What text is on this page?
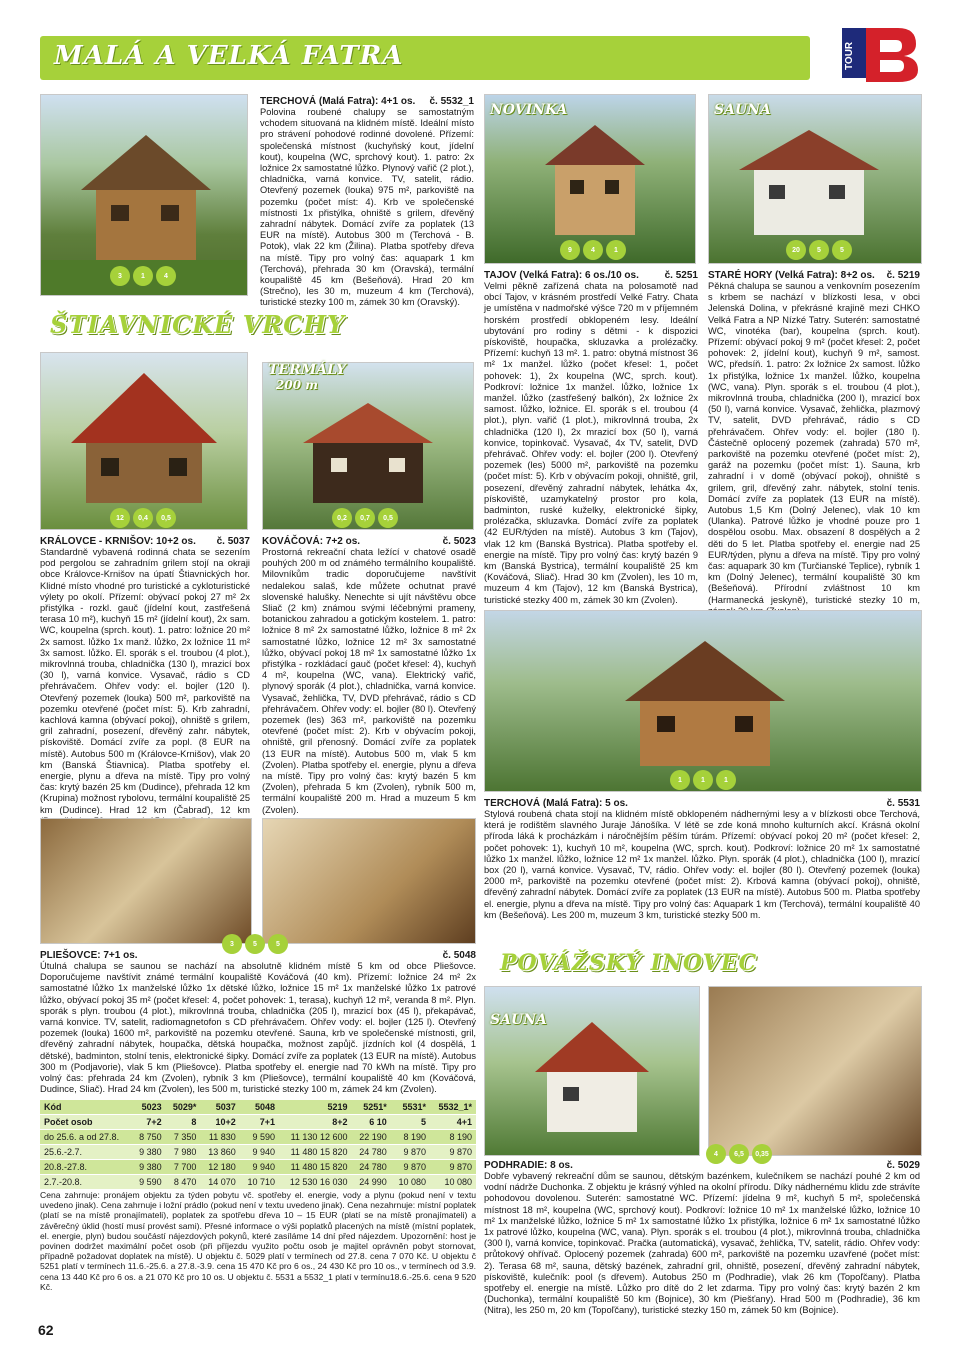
MALÁ A VELKÁ FATRA	TOUR
3	1	4
ŠTIAVNICKÉ VRCHY
TERCHOVÁ (Malá Fatra): 4+1 os. č. 5532_1
Polovina roubené chalupy se samostatným vchodem situovaná na klidném místě. Ideální místo pro strávení pohodové rodinné dovolené. Přízemí: společenská místnost (kuchyňský kout, jídelní kout), koupelna (WC, sprchový kout). 1. patro: 2x ložnice 2x samostatné lůžko. Plynový vařič (2 plot.), chladnička, varná konvice. TV, satelit, rádio. Otevřený pozemek (louka) 975 m², parkoviště na pozemku (počet míst: 4). Krb ve společenské místnosti 1x přistýlka, ohniště s grilem, dřevěný zahradní nábytek. Domácí zvíře za poplatek (13 EUR na místě). Autobus 300 m (Terchová - B. Potok), vlak 22 km (Žilina). Platba spotřeby dřeva na místě. Tipy pro volný čas: aquapark 1 km (Terchová), přehrada 30 km (Oravská), termální koupaliště 45 km (Bešeňová). Hrad 20 km (Strečno), les 30 m, muzeum 4 km (Terchová), turistické stezky 100 m, zámek 30 km (Oravský).
NOVINKA
9	4	1
SAUNA
20	5	5
TAJOV (Velká Fatra): 6 os./10 os.	č. 5251
Velmi pěkně zařízená chata na polosamotě nad obcí Tajov, v krásném prostředí Velké Fatry. Chata je umístěna v nadmořské výšce 720 m v příjemném horském prostředí obklopeném lesy. Ideální ubytování pro rodiny s dětmi - k dispozici pískoviště, houpačka, skluzavka a prolézačky. Přízemí: kuchyň 13 m². 1. patro: obytná místnost 36 m² 1x manžel. lůžko (počet křesel: 1, počet pohovek: 1), 2x koupelna (WC, sprch. kout). Podkroví: ložnice 1x manžel. lůžko, ložnice 1x manžel. lůžko (zastřešený balkón), 2x ložnice 2x samost. lůžko, ložnice. El. sporák s el. troubou (4 plot.), plyn. vařič (1 plot.), mikrovlnná trouba, 2x chladnička (120 l), 2x mrazicí box (50 l), varná konvice, topinkovač. Vysavač, 4x TV, satelit, DVD přehrávač. Ohřev vody: el. bojler (200 l). Otevřený pozemek (les) 5000 m², parkoviště na pozemku (počet míst: 5). Krb v obývacím pokoji, ohniště, gril, posezení, dřevěný zahradní nábytek, lehátka 4x, pískoviště, uzamykatelný prostor pro kola, badminton, ruské kuželky, elektronické šipky, prolézačka, skluzavka. Domácí zvíře za poplatek (42 EUR/týden na místě). Autobus 3 km (Tajov), vlak 12 km (Banská Bystrica). Platba spotřeby el. energie na místě. Tipy pro volný čas: krytý bazén 9 km (Banská Bystrica), termální koupaliště 25 km (Kováčová, Sliač). Hrad 30 km (Zvolen), les 10 m, muzeum 4 km (Tajov), 12 km (Banská Bystrica), turistické stezky 400 m, zámek 30 km (Zvolen).
STARÉ HORY (Velká Fatra): 8+2 os. č. 5219
Pěkná chalupa se saunou a venkovním posezením s krbem se nachází v blízkosti lesa, v obci Jelenská Dolina, v překrásné krajině mezi CHKO Velká Fatra a NP Nízké Tatry. Suterén: samostatné WC, vinotéka (bar), koupelna (sprch. kout). Přízemí: obývací pokoj 9 m² (počet křesel: 2, počet pohovek: 2, jídelní kout), kuchyň 9 m², samost. WC, předsíň. 1. patro: 2x ložnice 2x samost. lůžko 1x přistýlka, ložnice 1x manžel. lůžko, koupelna (WC, vana). Plyn. sporák s el. troubou (4 plot.), mikrovlnná trouba, chladnička (200 l), mrazicí box (50 l), varná konvice. Vysavač, žehlička, plazmový TV, satelit, DVD přehrávač, rádio s CD přehrávačem. Ohřev vody: el. bojler (180 l). Částečně oplocený pozemek (zahrada) 570 m², parkoviště na pozemku otevřené (počet míst: 2), garáž na pozemku (počet míst: 1). Sauna, krb zahradní i v domě (obývací pokoj), ohniště s grilem, gril, dřevěný zahr. nábytek, stolní tenis. Domácí zvíře za poplatek (13 EUR na místě). Autobus 1,5 Km (Dolný Jelenec), vlak 10 km (Ulanka). Patrové lůžko je vhodné pouze pro 1 dospělou osobu. Max. obsazení 8 dospělých a 2 děti do 5 let. Platba spotřeby el. energie nad 25 EUR/týden, plynu a dřeva na místě. Tipy pro volný čas: aquapark 30 km (Turčianské Teplice), rybník 1 km (Dolný Jelenec), termální koupaliště 30 km (Bešeňová). Přírodní zvláštnost 10 km (Harmanecká jeskyně), turistické stezky 10 m,
12	0,4	0,5
TERMÁLY
200 m
0,2	0,7	0,5
KRÁLOVCE - KRNIŠOV: 10+2 os. č. 5037
Standardně vybavená rodinná chata se sezením pod pergolou se zahradním grilem stojí na okraji obce Královce-Krnišov na úpatí Štiavnických hor. Klidné místo vhodné pro turistické a cykloturistické výlety po okolí. Přízemí: obývací pokoj 27 m² 2x přistýlka - rozkl. gauč (jídelní kout, zastřešená terasa 10 m²), kuchyň 15 m² (jídelní kout), 2x sam. WC, koupelna (sprch. kout). 1. patro: ložnice 20 m² 2x samost. lůžko 1x manž. lůžko, 2x ložnice 11 m² 3x samost. lůžko. El. sporák s el. troubou (4 plot.), mikrovlnná trouba, chladnička (130 l), mrazicí box (30 l), varná konvice. Vysavač, rádio s CD přehrávačem. Ohřev vody: el. bojler (120 l). Otevřený pozemek (louka) 500 m², parkoviště na pozemku otevřené (počet míst: 5). Krb zahradní, kachlová kamna (obývací pokoj), ohniště s grilem, gril zahradní, posezení, dřevěný zahr. nábytek, pískoviště. Domácí zvíře za popl. (8 EUR na místě). Autobus 500 m (Královce-Krnišov), vlak 20 km (Banská Štiavnica). Platba spotřeby el. energie, plynu a dřeva na místě. Tipy pro volný čas: krytý bazén 25 km (Dudince), přehrada 12 km (Krupina) možnost rybolovu, termální koupaliště 25 km (Dudince). Hrad 12 km (Čabraď), 12 km
KOVÁČOVÁ: 7+2 os.	č. 5023
Prostorná rekreační chata ležící v chatové osadě pouhých 200 m od známého termálního koupaliště. Milovníkům tradic doporučujeme navštívit nedalekou salaš, kde můžete ochutnat pravé slovenské halušky. Nenechte si ujít návštěvu obce Sliač (2 km) známou svými léčebnými prameny, botanickou zahradou a gotickým kostelem. 1. patro: ložnice 8 m² 2x samostatné lůžko, ložnice 8 m² 2x samostatné lůžko, ložnice 12 m² 3x samostatné lůžko, obývací pokoj 18 m² 1x samostatné lůžko 1x přistýlka - rozkládací gauč (počet křesel: 4), kuchyň 4 m², koupelna (WC, vana). Elektrický vařič, plynový sporák (4 plot.), chladnička, varná konvice. Vysavač, žehlička, TV, DVD přehrávač, rádio s CD přehrávačem. Ohřev vody: el. bojler (80 l). Otevřený pozemek (les) 363 m², parkoviště na pozemku otevřené (počet míst: 2). Krb v obývacím pokoji, ohniště, gril přenosný. Domácí zvíře za poplatek (13 EUR na místě). Autobus 500 m, vlak 5 km (Zvolen). Platba spotřeby el. energie, plynu a dřeva na místě. Tipy pro volný čas: krytý bazén 5 km (Zvolen), přehrada 5 km (Zvolen), rybník 500 m, termální koupaliště 200 m. Hrad a muzeum 5 km (Zvolen).
1	1	1
TERCHOVÁ (Malá Fatra): 5 os.	č. 5531
Stylová roubená chata stojí na klidném místě obklopeném nádhernými lesy a v blízkosti obce Terchová, která je rodištěm slavného Juraje Jánošíka. V létě se zde koná mnoho kulturních akcí. Krásná okolní příroda láká k procházkám i náročnějším pěším túrám. Přízemí: obývací pokoj 20 m² (počet křesel: 2, počet pohovek: 1), kuchyň 10 m², koupelna (WC, sprch. kout). Podkroví: ložnice 20 m² 1x samostatné lůžko 1x manžel. lůžko, ložnice 12 m² 1x manžel. lůžko. Plyn. sporák (4 plot.), chladnička (100 l), mrazicí box (20 l), varná konvice. Vysavač, TV, rádio. Ohřev vody: el. bojler (80 l). Otevřený pozemek (louka) 2000 m², parkoviště na pozemku otevřené (počet míst: 2). Krbová kamna (obývací pokoj), ohniště, dřevěný zahradní nábytek. Domácí zvíře za poplatek (13 EUR na místě). Autobus 500 m. Platba spotřeby el. energie, plynu a dřeva na místě. Tipy pro volný čas: Aquapark 1 km (Terchová), termální koupaliště 40 km (Bešeňová). Les 200 m, muzeum 3 km, turistické stezky 500 m.
3	5	5
PLIEŠOVCE: 7+1 os.	č. 5048
Útulná chalupa se saunou se nachází na absolutně klidném místě 5 km od obce Pliešovce. Doporučujeme navštívit známé termální koupaliště Kováčová (40 km). Přízemí: ložnice 24 m² 2x samostatné lůžko 1x manželské lůžko 1x dětské lůžko, ložnice 15 m² 1x manželské lůžko 1x patrové lůžko, obývací pokoj 35 m² (počet křesel: 4, počet pohovek: 1, terasa), kuchyň 12 m², veranda 8 m². Plyn. sporák s plyn. troubou (4 plot.), mikrovlnná trouba, chladnička (205 l), mrazicí box (45 l), překapávač, varná konvice. TV, satelit, radiomagnetofon s CD přehrávačem. Ohřev vody: el. bojler (125 l). Otevřený pozemek (louka) 1600 m², parkoviště na pozemku otevřené. Sauna, krb ve společenské místnosti, gril, dřevěný zahradní nábytek, houpačka, dětská houpačka, možnost zapůjč. jízdních kol (4 dospělá, 1 dětské), badminton, stolní tenis, elektronické šipky. Domácí zvíře za poplatek (13 EUR na místě). Autobus 300 m (Podjavorie), vlak 5 km (Pliešovce). Platba spotřeby el. energie nad 70 kWh na místě. Tipy pro volný čas: přehrada 24 km (Zvolen), rybník 3 km (Pliešovce), termální koupaliště 40 km (Kováčová, Dudince, Sliač). Hrad 24 km (Zvolen), les 500 m, turistické stezky 100 m, zámek 24 km (Zvolen).
POVÁŽSKÝ INOVEC
SAUNA
4	6,5	0,35
PODHRADIE: 8 os.	č. 5029
Dobře vybavený rekreační dům se saunou, dětským bazénkem, kulečníkem se nachází pouhé 2 km od vodní nádrže Duchonka. Z objektu je krásný výhled na okolní přírodu. Díky nádhernému klidu zde strávíte pohodovou dovolenou. Suterén: samostatné WC. Přízemí: jídelna 9 m², kuchyň 5 m², společenská místnost 18 m², koupelna (WC, sprchový kout). Podkroví: ložnice 10 m² 1x manželské lůžko, ložnice 10 m² 1x manželské lůžko, ložnice 5 m² 1x samostatné lůžko 1x přistýlka, ložnice 6 m² 1x samostatné lůžko 1x patrové lůžko, koupelna (WC, vana). Plyn. sporák s el. troubou (4 plot.), mikrovlnná trouba, chladnička (300 l), varná konvice, topinkovač. Pračka (automatická), vysavač, žehlička, TV, satelit, rádio. Ohřev vody: průtokový ohřívač. Oplocený pozemek (zahrada) 600 m², parkoviště na pozemku uzavřené (počet míst: 2). Terasa 68 m², sauna, dětský bazének, zahradní gril, ohniště, posezení, dřevěný zahradní nábytek, pískoviště, kulečník: pool (s dřevem). Autobus 250 m (Podhradie), vlak 26 km (Topoľčany). Platba spotřeby el. energie na místě. Lůžko pro dítě do 2 let zdarma. Tipy pro volný čas: krytý bazén 2 km (Duchonka), termální koupaliště 50 km (Bojnice), 30 km (Piešťany). Hrad 500 m (Podhradie), 36 km (Nitra), les 250 m, 20 km (Topoľčany), turistické stezky 150 m, zámek 50 km (Bojnice).
Kód	5023	5029*	5037	5048	5219	5251*	5531*	5532_1*
Počet osob	7+2	8	10+2	7+1	8+2	6 10	5	4+1
do 25.6. a od 27.8.	8 750	7 350	11 830	9 590	11 130 12 600	22 190	8 190	8 190
25.6.-2.7.	9 380	7 980	13 860	9 940	11 480 15 820	24 780	9 870	9 870
20.8.-27.8.	9 380	7 700	12 180	9 940	11 480 15 820	24 780	9 870	9 870
2.7.-20.8.	9 590	8 470	14 070	10 710	12 530 16 030	24 990	10 080	10 080
Cena zahrnuje: pronájem objektu za týden pobytu vč. spotřeby el. energie, vody a plynu (pokud není v textu uvedeno jinak). Cena zahrnuje i ložní prádlo (pokud není v textu uvedeno jinak). Cena nezahrnuje: místní poplatek (platí se na místě pronajímateli), poplatek za spotřebu dřeva 10 – 15 EUR (platí se na místě pronajímateli) a závěrečný úklid (hostí musí provést sami). Přesné informace o výši poplatků placených na místě (místní poplatek, el. energie, plyn) budou součástí nájezdových pokynů, které zasíláme 14 dní před nájezdem. Upozornění: host je povinen dodržet maximální počet osob (při příjezdu využito počtu osob je majitel oprávněn pobyt stornovat, případně požadovat doplatek na místě). U objektu č. 5029 platí v termínech od 27.8. cena 7 070 Kč. U objektu č 5251 platí v termínech 11.6.-25.6. a 27.8.-3.9. cena 15 470 Kč pro 6 os., 24 430 Kč pro 10 os., v termínech od 3.9. cena 13 440 Kč pro 6 os. a 21 070 Kč pro 10 os. U objektu č. 5531 a 5532_1 platí v termínu18.6.-25.6. cena 9 520 Kč.
62
